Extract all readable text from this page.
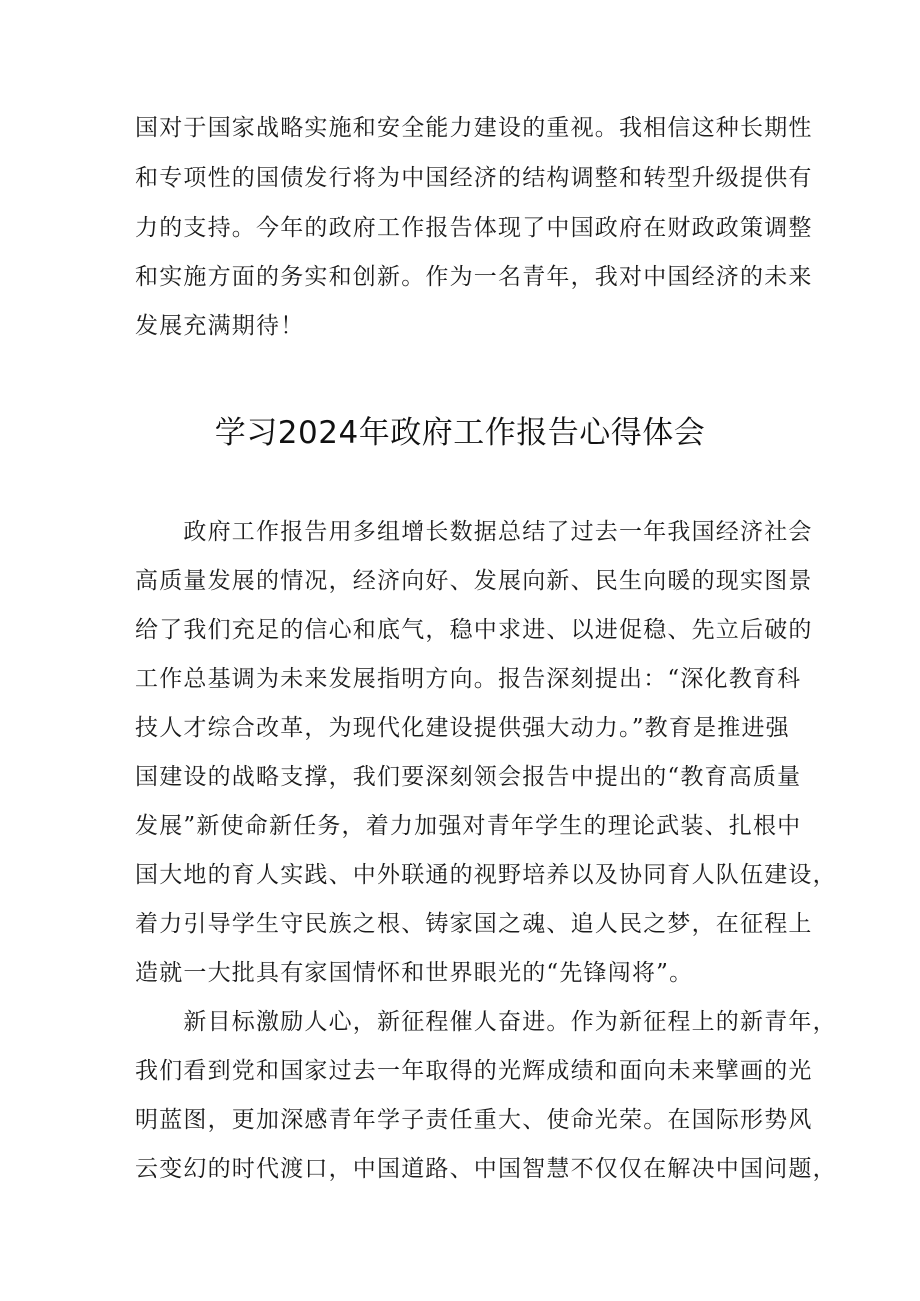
国对于国家战略实施和安全能力建设的重视。我相信这种长期性
和专项性的国债发行将为中国经济的结构调整和转型升级提供有
力的支持。今年的政府工作报告体现了中国政府在财政政策调整
和实施方面的务实和创新。作为一名青年，我对中国经济的未来
发展充满期待！
学习2024年政府工作报告心得体会
　　政府工作报告用多组增长数据总结了过去一年我国经济社会
高质量发展的情况，经济向好、发展向新、民生向暖的现实图景
给了我们充足的信心和底气，稳中求进、以进促稳、先立后破的
工作总基调为未来发展指明方向。报告深刻提出：“深化教育科
技人才综合改革，为现代化建设提供强大动力。”教育是推进强
国建设的战略支撑，我们要深刻领会报告中提出的“教育高质量
发展”新使命新任务，着力加强对青年学生的理论武装、扎根中
国大地的育人实践、中外联通的视野培养以及协同育人队伍建设，
着力引导学生守民族之根、铸家国之魂、追人民之梦，在征程上
造就一大批具有家国情怀和世界眼光的“先锋闯将”。
　　新目标激励人心，新征程催人奋进。作为新征程上的新青年，
我们看到党和国家过去一年取得的光辉成绩和面向未来擘画的光
明蓝图，更加深感青年学子责任重大、使命光荣。在国际形势风
云变幻的时代渡口，中国道路、中国智慧不仅仅在解决中国问题，
